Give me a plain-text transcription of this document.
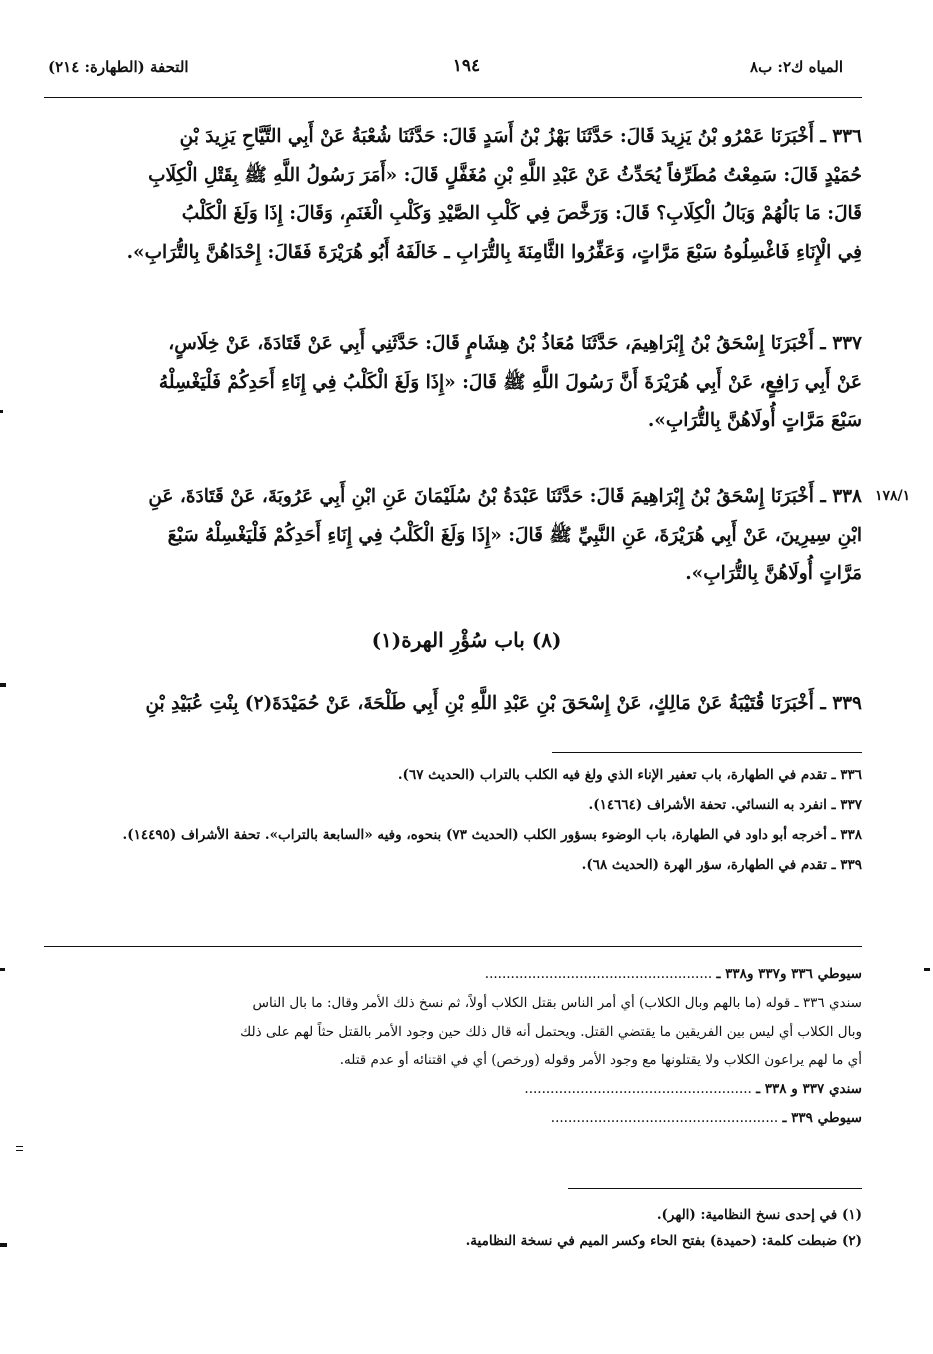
المياه ك٢: ب٨
١٩٤
التحفة (الطهارة: ٢١٤)
٣٣٦ ـ أَخْبَرَنَا عَمْرُو بْنُ يَزِيدَ قَالَ: حَدَّثَنَا بَهْزُ بْنُ أَسَدٍ قَالَ: حَدَّثَنَا شُعْبَةُ عَنْ أَبِي التَّيَّاحِ يَزِيدَ بْنِ
حُمَيْدٍ قَالَ: سَمِعْتُ مُطَرِّفاً يُحَدِّثُ عَنْ عَبْدِ اللَّهِ بْنِ مُغَفَّلٍ قَالَ: «أَمَرَ رَسُولُ اللَّهِ ﷺ بِقَتْلِ الْكِلَابِ
قَالَ: مَا بَالُهُمْ وَبَالُ الْكِلَابِ؟ قَالَ: وَرَخَّصَ فِي كَلْبِ الصَّيْدِ وَكَلْبِ الْغَنَمِ، وَقَالَ: إِذَا وَلَغَ الْكَلْبُ
فِي الْإِنَاءِ فَاغْسِلُوهُ سَبْعَ مَرَّاتٍ، وَعَفِّرُوا الثَّامِنَةَ بِالتُّرَابِ ـ خَالَفَهُ أَبُو هُرَيْرَةَ فَقَالَ: إِحْدَاهُنَّ بِالتُّرَابِ».
٣٣٧ ـ أَخْبَرَنَا إِسْحَقُ بْنُ إِبْرَاهِيمَ، حَدَّثَنَا مُعَاذُ بْنُ هِشَامٍ قَالَ: حَدَّثَنِي أَبِي عَنْ قَتَادَةَ، عَنْ خِلَاسٍ،
عَنْ أَبِي رَافِعٍ، عَنْ أَبِي هُرَيْرَةَ أَنَّ رَسُولَ اللَّهِ ﷺ قَالَ: «إِذَا وَلَغَ الْكَلْبُ فِي إِنَاءِ أَحَدِكُمْ فَلْيَغْسِلْهُ
سَبْعَ مَرَّاتٍ أُولَاهُنَّ بِالتُّرَابِ».
١٧٨/١
٣٣٨ ـ أَخْبَرَنَا إِسْحَقُ بْنُ إِبْرَاهِيمَ قَالَ: حَدَّثَنَا عَبْدَةُ بْنُ سُلَيْمَانَ عَنِ ابْنِ أَبِي عَرُوبَةَ، عَنْ قَتَادَةَ، عَنِ
ابْنِ سِيرِينَ، عَنْ أَبِي هُرَيْرَةَ، عَنِ النَّبِيِّ ﷺ قَالَ: «إِذَا وَلَغَ الْكَلْبُ فِي إِنَاءِ أَحَدِكُمْ فَلْيَغْسِلْهُ سَبْعَ
مَرَّاتٍ أُولَاهُنَّ بِالتُّرَابِ».
(٨) باب سُؤْرِ الهرة(١)
٣٣٩ ـ أَخْبَرَنَا قُتَيْبَةُ عَنْ مَالِكٍ، عَنْ إِسْحَقَ بْنِ عَبْدِ اللَّهِ بْنِ أَبِي طَلْحَةَ، عَنْ حُمَيْدَةَ(٢) بِنْتِ عُبَيْدِ بْنِ
٣٣٦ ـ تقدم في الطهارة، باب تعفير الإناء الذي ولغ فيه الكلب بالتراب (الحديث ٦٧).
٣٣٧ ـ انفرد به النسائي. تحفة الأشراف (١٤٦٦٤).
٣٣٨ ـ أخرجه أبو داود في الطهارة، باب الوضوء بسؤور الكلب (الحديث ٧٣) بنحوه، وفيه «السابعة بالتراب». تحفة الأشراف (١٤٤٩٥).
٣٣٩ ـ تقدم في الطهارة، سؤر الهرة (الحديث ٦٨).
سيوطي ٣٣٦ و٣٣٧ و٣٣٨ ـ .....................................................
سندي ٣٣٦ ـ قوله (ما بالهم وبال الكلاب) أي أمر الناس بقتل الكلاب أولاً، ثم نسخ ذلك الأمر وقال: ما بال الناس
وبال الكلاب أي ليس بين الفريقين ما يقتضي القتل. ويحتمل أنه قال ذلك حين وجود الأمر بالقتل حثاً لهم على ذلك
أي ما لهم يراعون الكلاب ولا يقتلونها مع وجود الأمر وقوله (ورخص) أي في اقتنائه أو عدم قتله.
سندي ٣٣٧ و ٣٣٨ ـ .....................................................
سيوطي ٣٣٩ ـ .....................................................
(١) في إحدى نسخ النظامية: (الهر).
(٢) ضبطت كلمة: (حميدة) بفتح الحاء وكسر الميم في نسخة النظامية.
